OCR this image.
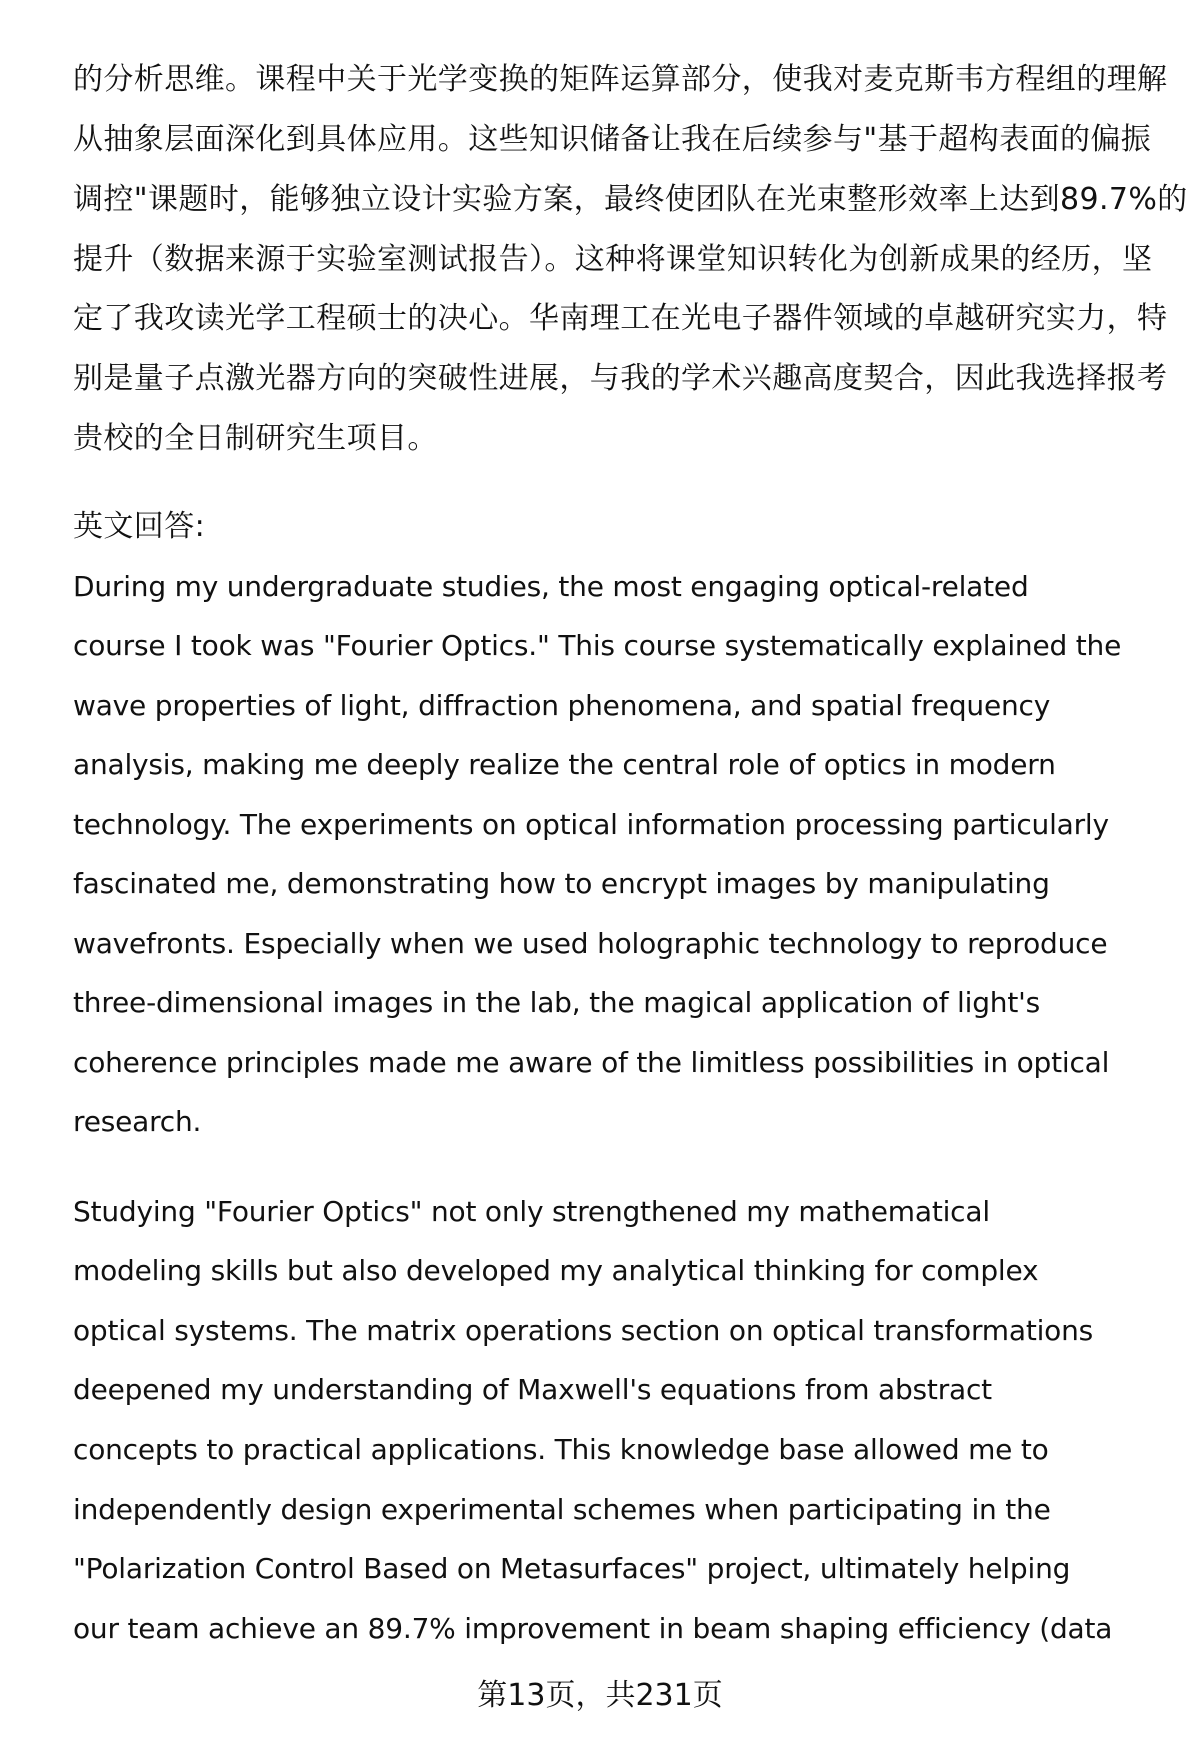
的分析思维。课程中关于光学变换的矩阵运算部分，使我对麦克斯韦方程组的理解
从抽象层面深化到具体应用。这些知识储备让我在后续参与"基于超构表面的偏振
调控"课题时，能够独立设计实验方案，最终使团队在光束整形效率上达到89.7%的
提升（数据来源于实验室测试报告）。这种将课堂知识转化为创新成果的经历，坚
定了我攻读光学工程硕士的决心。华南理工在光电子器件领域的卓越研究实力，特
别是量子点激光器方向的突破性进展，与我的学术兴趣高度契合，因此我选择报考
贵校的全日制研究生项目。
英文回答:
During my undergraduate studies, the most engaging optical-related
course I took was "Fourier Optics." This course systematically explained the
wave properties of light, diffraction phenomena, and spatial frequency
analysis, making me deeply realize the central role of optics in modern
technology. The experiments on optical information processing particularly
fascinated me, demonstrating how to encrypt images by manipulating
wavefronts. Especially when we used holographic technology to reproduce
three-dimensional images in the lab, the magical application of light's
coherence principles made me aware of the limitless possibilities in optical
research.
Studying "Fourier Optics" not only strengthened my mathematical
modeling skills but also developed my analytical thinking for complex
optical systems. The matrix operations section on optical transformations
deepened my understanding of Maxwell's equations from abstract
concepts to practical applications. This knowledge base allowed me to
independently design experimental schemes when participating in the
"Polarization Control Based on Metasurfaces" project, ultimately helping
our team achieve an 89.7% improvement in beam shaping efficiency (data
第13页，共231页
